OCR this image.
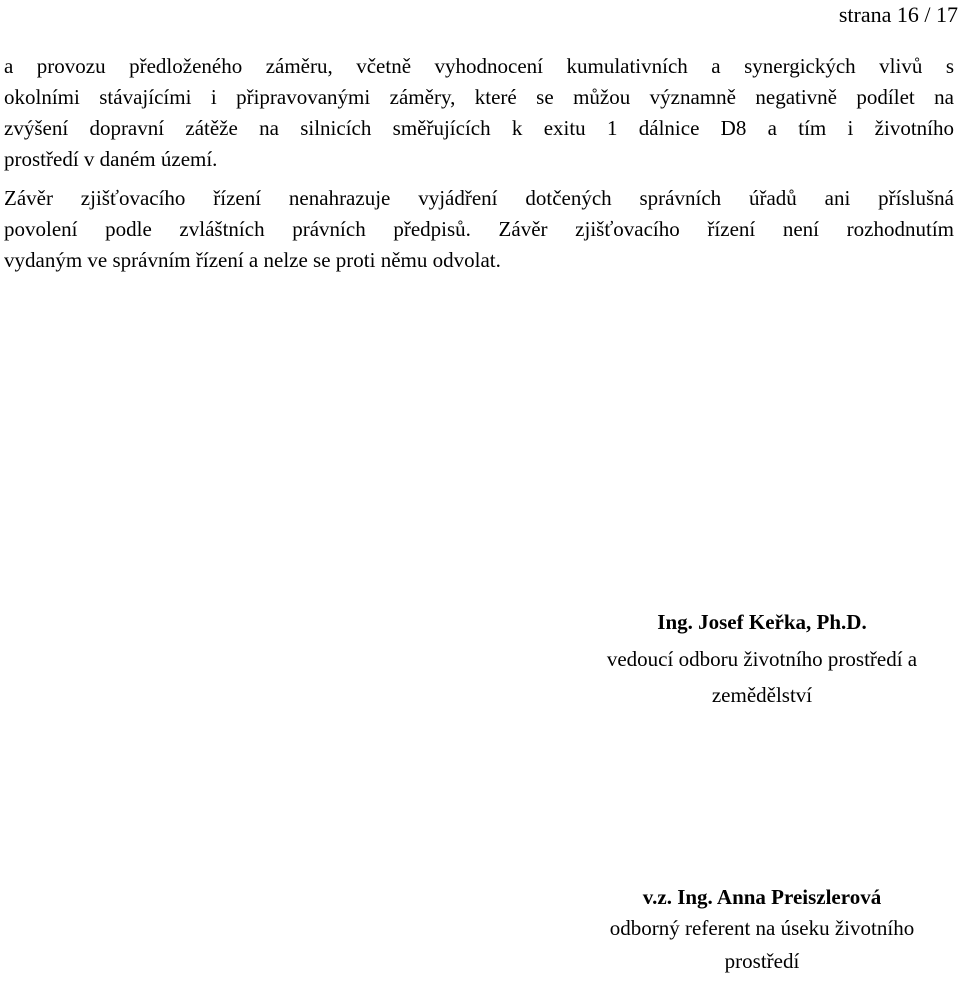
strana 16 / 17
a provozu předloženého záměru, včetně vyhodnocení kumulativních a synergických vlivů s
okolními stávajícími i připravovanými záměry, které se můžou významně negativně podílet na
zvýšení dopravní zátěže na silnicích směřujících k exitu 1 dálnice D8 a tím i životního
prostředí v daném území.
Závěr zjišťovacího řízení nenahrazuje vyjádření dotčených správních úřadů ani příslušná
povolení podle zvláštních právních předpisů. Závěr zjišťovacího řízení není rozhodnutím
vydaným ve správním řízení a nelze se proti němu odvolat.
Ing. Josef Keřka, Ph.D.
vedoucí odboru životního prostředí a
zemědělství
v.z. Ing. Anna Preiszlerová
odborný referent na úseku životního
prostředí
